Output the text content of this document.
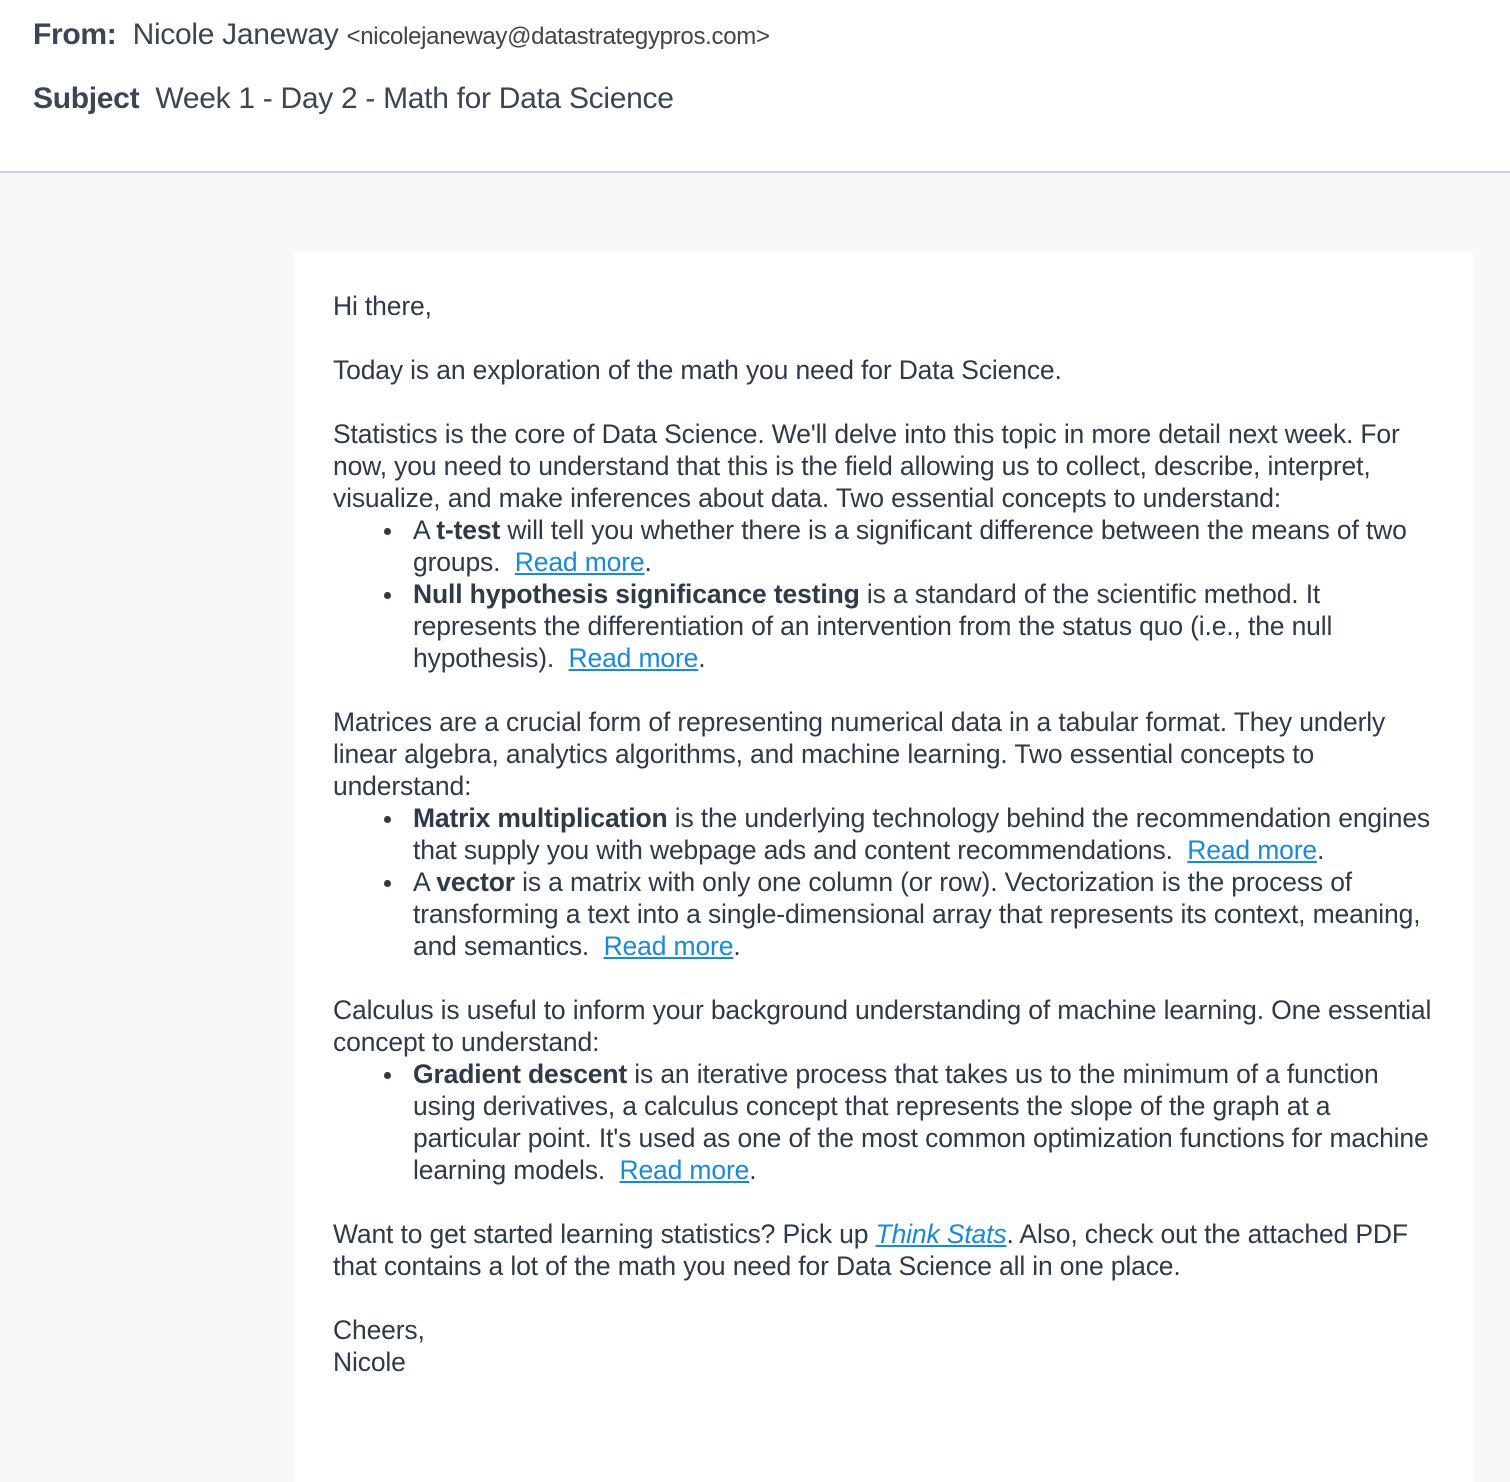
From: Nicole Janeway <nicolejaneway@datastrategypros.com>
Subject Week 1 - Day 2 - Math for Data Science

Hi there,

Today is an exploration of the math you need for Data Science.

Statistics is the core of Data Science. We'll delve into this topic in more detail next week. For now, you need to understand that this is the field allowing us to collect, describe, interpret, visualize, and make inferences about data. Two essential concepts to understand:

A t-test will tell you whether there is a significant difference between the means of two groups.  Read more.
Null hypothesis significance testing is a standard of the scientific method. It represents the differentiation of an intervention from the status quo (i.e., the null hypothesis).  Read more.

Matrices are a crucial form of representing numerical data in a tabular format. They underly linear algebra, analytics algorithms, and machine learning. Two essential concepts to understand:

Matrix multiplication is the underlying technology behind the recommendation engines that supply you with webpage ads and content recommendations.  Read more.
A vector is a matrix with only one column (or row). Vectorization is the process of transforming a text into a single-dimensional array that represents its context, meaning, and semantics.  Read more.

Calculus is useful to inform your background understanding of machine learning. One essential concept to understand:

Gradient descent is an iterative process that takes us to the minimum of a function using derivatives, a calculus concept that represents the slope of the graph at a particular point. It's used as one of the most common optimization functions for machine learning models.  Read more.

Want to get started learning statistics? Pick up Think Stats. Also, check out the attached PDF that contains a lot of the math you need for Data Science all in one place.

Cheers,
Nicole
